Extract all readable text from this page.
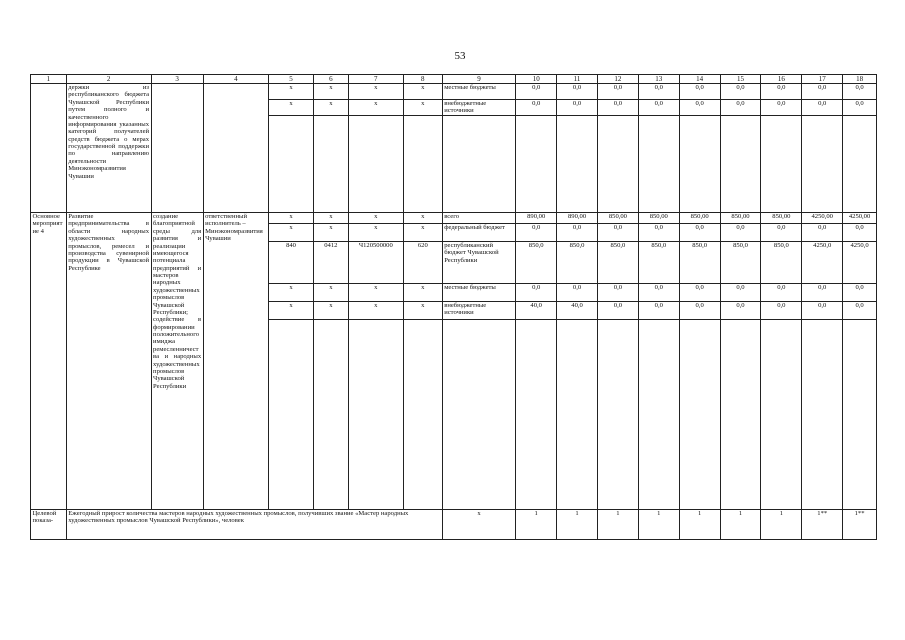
53
1	2	3	4	5	6	7	8	9	10	11	12	13	14	15	16	17	18
	держки из республиканского бюджета Чувашской Республики путем полного и качественного информирования указанных категорий получателей средств бюджета о мерах государственной поддержки по направлению деятельности Минэкономразвития Чувашии			x	x	x	x	местные бюджеты	0,0	0,0	0,0	0,0	0,0	0,0	0,0	0,0	0,0
				x	x	x	x	внебюджетные источники	0,0	0,0	0,0	0,0	0,0	0,0	0,0	0,0	0,0

Основное мероприятие 4	Развитие предпринимательства в области народных художественных промыслов, ремесел и производства сувенирной продукции в Чувашской Республике	создание благоприятной среды для развития и реализации имеющегося потенциала предприятий и мастеров народных художественных промыслов Чувашской Республики; содействие в формировании положительного имиджа ремесленничества и народных художественных промыслов Чувашской Республики	ответственный исполнитель – Минэкономразвития Чувашии	x	x	x	x	всего	890,00	890,00	850,00	850,00	850,00	850,00	850,00	4250,00	4250,00
				x	x	x	x	федеральный бюджет	0,0	0,0	0,0	0,0	0,0	0,0	0,0	0,0	0,0
				840	0412	Ч120500000	620	республиканский бюджет Чувашской Республики	850,0	850,0	850,0	850,0	850,0	850,0	850,0	4250,0	4250,0
				x	x	x	x	местные бюджеты	0,0	0,0	0,0	0,0	0,0	0,0	0,0	0,0	0,0
				x	x	x	x	внебюджетные источники	40,0	40,0	0,0	0,0	0,0	0,0	0,0	0,0	0,0

Целевой показа-	Ежегодный прирост количества мастеров народных художественных промыслов, получивших звание «Мастер народных художественных промыслов Чувашской Республики», человек							x	1	1	1	1	1	1	1	1**	1**
